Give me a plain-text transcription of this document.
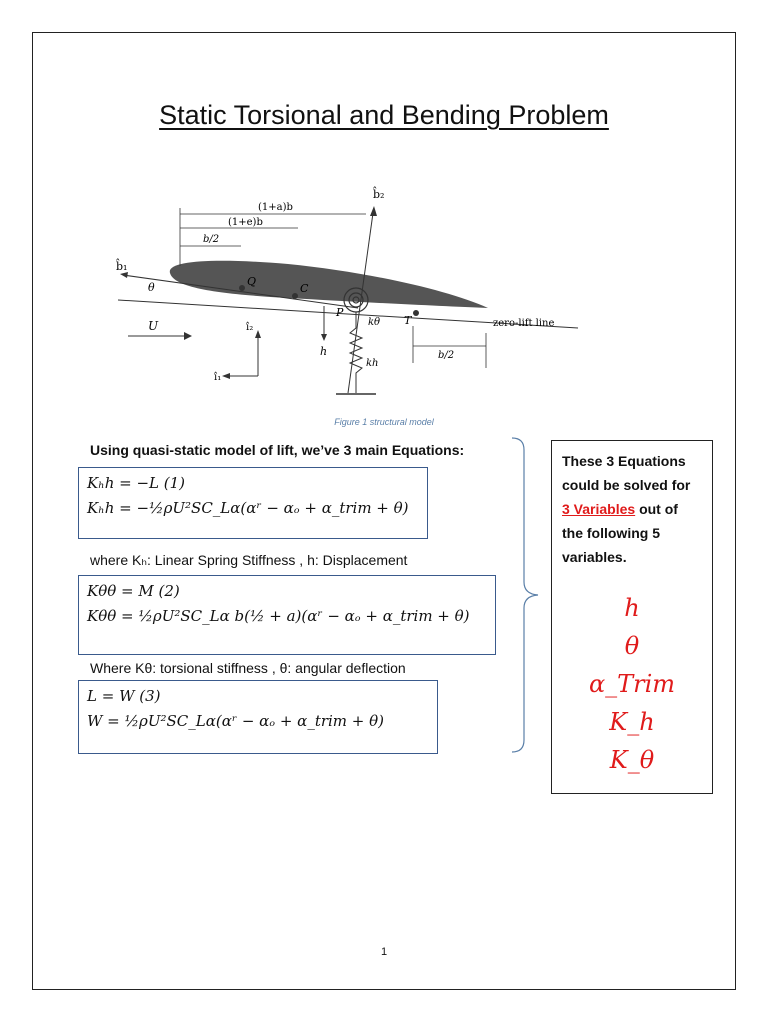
Static Torsional and Bending Problem
b̂₂
b̂₁
(1+a)b
(1+e)b
b/2
θ	Q
C
P
T
kθ
kh
U
h
î₁
î₂
b/2
zero-lift line
Figure 1 structural model
Using quasi-static model of lift, we’ve 3 main Equations:
Kₕh = −L (1)
Kₕh = −½ρU²SC_Lα(αʳ − αₒ + α_trim + θ)
where Kₕ: Linear Spring Stiffness , h: Displacement
Kθθ = M (2)
Kθθ = ½ρU²SC_Lα b(½ + a)(αʳ − αₒ + α_trim + θ)
Where Kθ: torsional stiffness , θ: angular deflection
L = W (3)
W = ½ρU²SC_Lα(αʳ − αₒ + α_trim + θ)
These 3 Equations could be solved for 3 Variables out of the following 5 variables.
h
θ
α_Trim
K_h
K_θ
1
